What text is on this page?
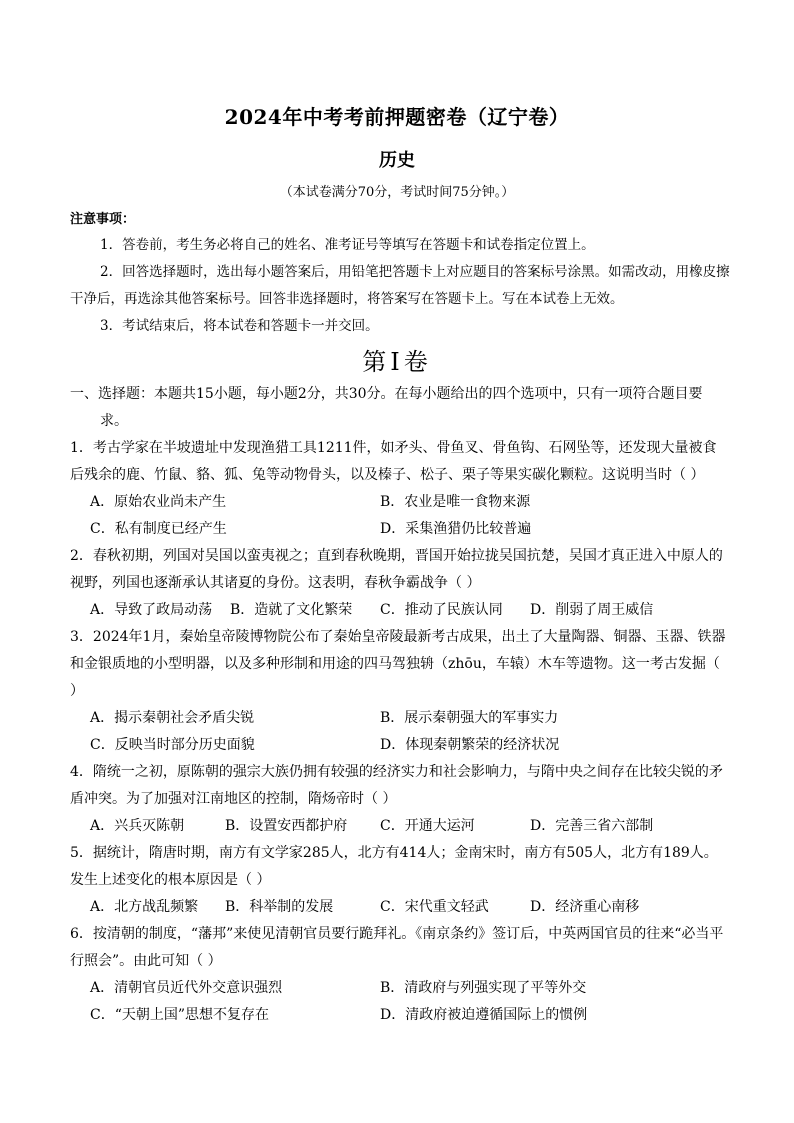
2024年中考考前押题密卷（辽宁卷）
历史
（本试卷满分70分，考试时间75分钟。）
注意事项：

1．答卷前，考生务必将自己的姓名、准考证号等填写在答题卡和试卷指定位置上。

2．回答选择题时，选出每小题答案后，用铅笔把答题卡上对应题目的答案标号涂黑。如需改动，用橡皮擦干净后，再选涂其他答案标号。回答非选择题时，将答案写在答题卡上。写在本试卷上无效。

3．考试结束后，将本试卷和答题卡一并交回。

第Ⅰ卷
一、选择题：本题共15小题，每小题2分，共30分。在每小题给出的四个选项中，只有一项符合题目要
求。

1．考古学家在半坡遗址中发现渔猎工具1211件，如矛头、骨鱼叉、骨鱼钩、石网坠等，还发现大量被食后残余的鹿、竹鼠、貉、狐、兔等动物骨头，以及榛子、松子、栗子等果实碳化颗粒。这说明当时（ ）

A．原始农业尚未产生	B．农业是唯一食物来源
C．私有制度已经产生	D．采集渔猎仍比较普遍

2．春秋初期，列国对吴国以蛮夷视之；直到春秋晚期，晋国开始拉拢吴国抗楚，吴国才真正进入中原人的视野，列国也逐渐承认其诸夏的身份。这表明，春秋争霸战争（ ）

A．导致了政局动荡	B．造就了文化繁荣	C．推动了民族认同	D．削弱了周王威信

3．2024年1月，秦始皇帝陵博物院公布了秦始皇帝陵最新考古成果，出土了大量陶器、铜器、玉器、铁器和金银质地的小型明器，以及多种形制和用途的四马驾独辀（zhōu，车辕）木车等遗物。这一考古发掘（ ）

A．揭示秦朝社会矛盾尖锐	B．展示秦朝强大的军事实力
C．反映当时部分历史面貌	D．体现秦朝繁荣的经济状况

4．隋统一之初，原陈朝的强宗大族仍拥有较强的经济实力和社会影响力，与隋中央之间存在比较尖锐的矛盾冲突。为了加强对江南地区的控制，隋炀帝时（ ）

A．兴兵灭陈朝	B．设置安西都护府	C．开通大运河	D．完善三省六部制

5．据统计，隋唐时期，南方有文学家285人，北方有414人；金南宋时，南方有505人，北方有189人。发生上述变化的根本原因是（ ）

A．北方战乱频繁	B．科举制的发展	C．宋代重文轻武	D．经济重心南移

6．按清朝的制度，“藩邦”来使见清朝官员要行跪拜礼。《南京条约》签订后，中英两国官员的往来“必当平行照会”。由此可知（ ）

A．清朝官员近代外交意识强烈	B．清政府与列强实现了平等外交
C．“天朝上国”思想不复存在	D．清政府被迫遵循国际上的惯例
